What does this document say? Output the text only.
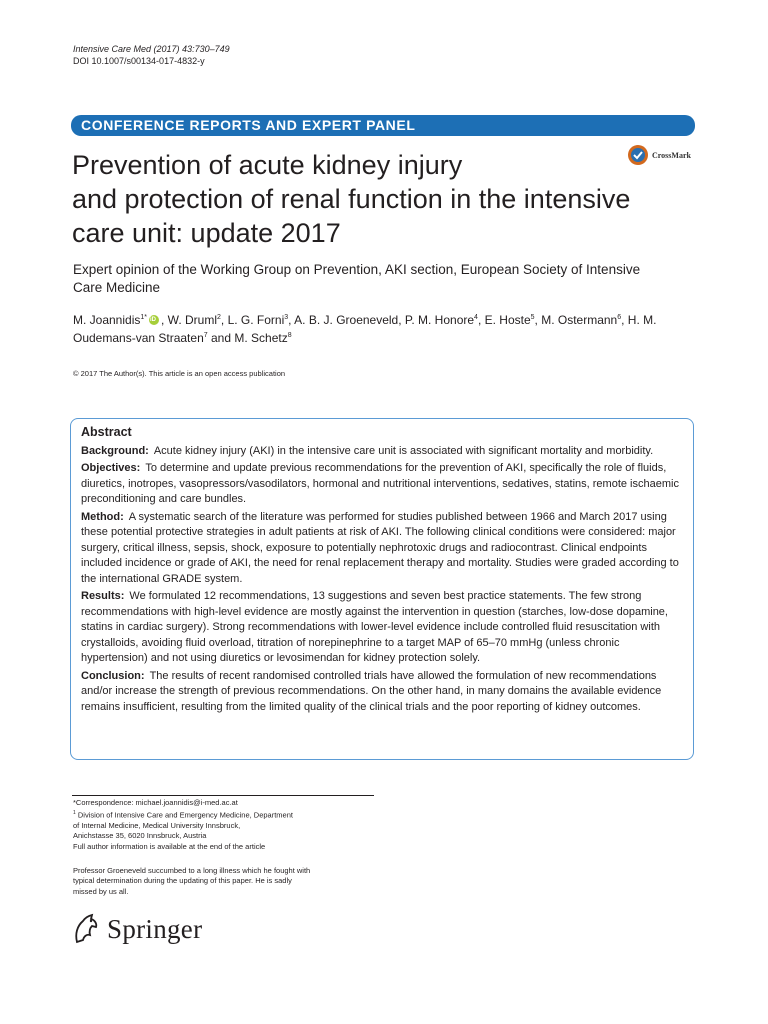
Intensive Care Med (2017) 43:730–749
DOI 10.1007/s00134-017-4832-y
CONFERENCE REPORTS AND EXPERT PANEL
Prevention of acute kidney injury
and protection of renal function in the intensive
care unit: update 2017
CrossMark
Expert opinion of the Working Group on Prevention, AKI section, European Society of Intensive Care Medicine
M. Joannidis$^{1*}$iD , W. Druml$^2$, L. G. Forni$^3$, A. B. J. Groeneveld, P. M. Honore$^4$, E. Hoste$^5$, M. Ostermann$^6$, H. M. Oudemans-van Straaten$^7$ and M. Schetz$^8$
© 2017 The Author(s). This article is an open access publication
Abstract
Background: Acute kidney injury (AKI) in the intensive care unit is associated with significant mortality and morbidity.
Objectives: To determine and update previous recommendations for the prevention of AKI, specifically the role of fluids, diuretics, inotropes, vasopressors/vasodilators, hormonal and nutritional interventions, sedatives, statins, remote ischaemic preconditioning and care bundles.
Method: A systematic search of the literature was performed for studies published between 1966 and March 2017 using these potential protective strategies in adult patients at risk of AKI. The following clinical conditions were considered: major surgery, critical illness, sepsis, shock, exposure to potentially nephrotoxic drugs and radiocontrast. Clinical endpoints included incidence or grade of AKI, the need for renal replacement therapy and mortality. Studies were graded according to the international GRADE system.
Results: We formulated 12 recommendations, 13 suggestions and seven best practice statements. The few strong recommendations with high-level evidence are mostly against the intervention in question (starches, low-dose dopamine, statins in cardiac surgery). Strong recommendations with lower-level evidence include controlled fluid resuscitation with crystalloids, avoiding fluid overload, titration of norepinephrine to a target MAP of 65–70 mmHg (unless chronic hypertension) and not using diuretics or levosimendan for kidney protection solely.
Conclusion: The results of recent randomised controlled trials have allowed the formulation of new recommendations and/or increase the strength of previous recommendations. On the other hand, in many domains the available evidence remains insufficient, resulting from the limited quality of the clinical trials and the poor reporting of kidney outcomes.
*Correspondence: michael.joannidis@i-med.ac.at
$^1$ Division of Intensive Care and Emergency Medicine, Department
of Internal Medicine, Medical University Innsbruck,
Anichstasse 35, 6020 Innsbruck, Austria
Full author information is available at the end of the article
Professor Groeneveld succumbed to a long illness which he fought with
typical determination during the updating of this paper. He is sadly
missed by us all.
Springer
